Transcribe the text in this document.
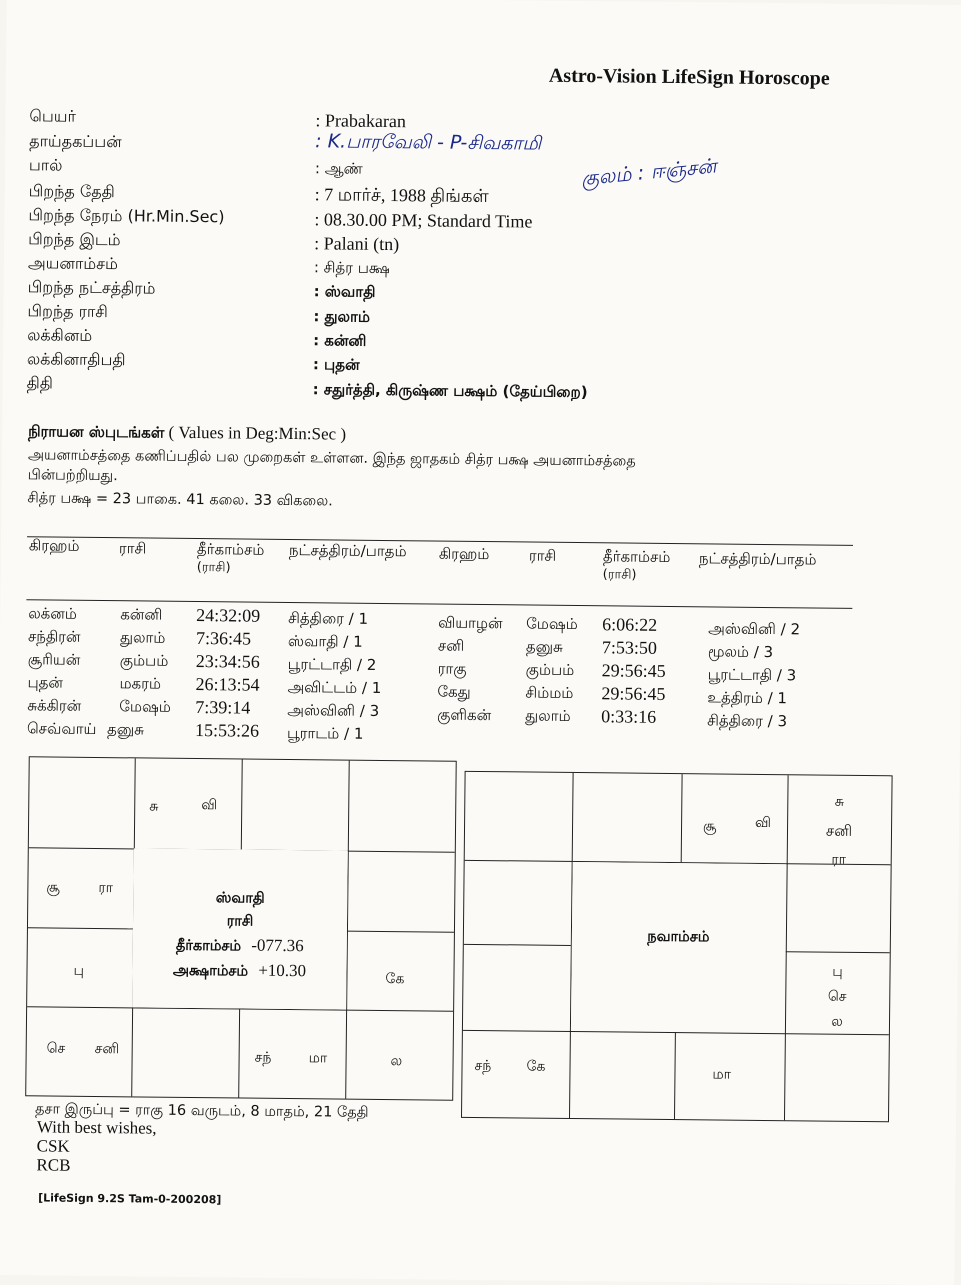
Astro-Vision LifeSign Horoscope
பெயர்	: Prabakaran
தாய்தகப்பன்	: K.பாரவேலி - P-சிவகாமி
பால்	: ஆண்
பிறந்த தேதி	: 7 மார்ச், 1988 திங்கள்
பிறந்த நேரம் (Hr.Min.Sec)	: 08.30.00 PM; Standard Time
பிறந்த இடம்	: Palani (tn)
அயனாம்சம்	: சித்ர பக்ஷ
பிறந்த நட்சத்திரம்	: ஸ்வாதி
பிறந்த ராசி	: துலாம்
லக்கினம்	: கன்னி
லக்கினாதிபதி	: புதன்
திதி	: சதுர்த்தி, கிருஷ்ண பக்ஷம் (தேய்பிறை)
குலம் : ஈஞ்சன்
நிராயன ஸ்புடங்கள் ( Values in Deg:Min:Sec )
அயனாம்சத்தை கணிப்பதில் பல முறைகள் உள்ளன. இந்த ஜாதகம் சித்ர பக்ஷ அயனாம்சத்தை
பின்பற்றியது.
சித்ர பக்ஷ = 23 பாகை. 41 கலை. 33 விகலை.
கிரஹம்	ராசி	தீர்காம்சம்
(ராசி)
நட்சத்திரம்/பாதம் கிரஹம்	ராசி	தீர்காம்சம்
(ராசி)
நட்சத்திரம்/பாதம்
லக்னம்	கன்னி 24:32:09 சித்திரை / 1
சந்திரன்	துலாம் 7:36:45 ஸ்வாதி / 1
சூரியன்	கும்பம் 23:34:56 பூரட்டாதி / 2
புதன்	மகரம் 26:13:54 அவிட்டம் / 1
சுக்கிரன்	மேஷம் 7:39:14 அஸ்வினி / 3
செவ்வாய் தனுசு	15:53:26 பூராடம் / 1
வியாழன் மேஷம் 6:06:22	அஸ்வினி / 2
சனி	தனுசு 7:53:50	மூலம் / 3
ராகு	கும்பம் 29:56:45	பூரட்டாதி / 3
கேது	சிம்மம் 29:56:45	உத்திரம் / 1
குளிகன் துலாம் 0:33:16	சித்திரை / 3
சு	வி
சூ	ரா
பு
கே
செ சனி
சந்	மா	ல
ஸ்வாதி
ராசி
தீர்காம்சம் -077.36
அக்ஷாம்சம் +10.30
சூ	வி
சு
சனி
ரா
பு
செ
ல
சந்	கே	மா
நவாம்சம்
தசா இருப்பு = ராகு 16 வருடம், 8 மாதம், 21 தேதி
With best wishes,
CSK
RCB
[LifeSign 9.2S Tam-0-200208]
